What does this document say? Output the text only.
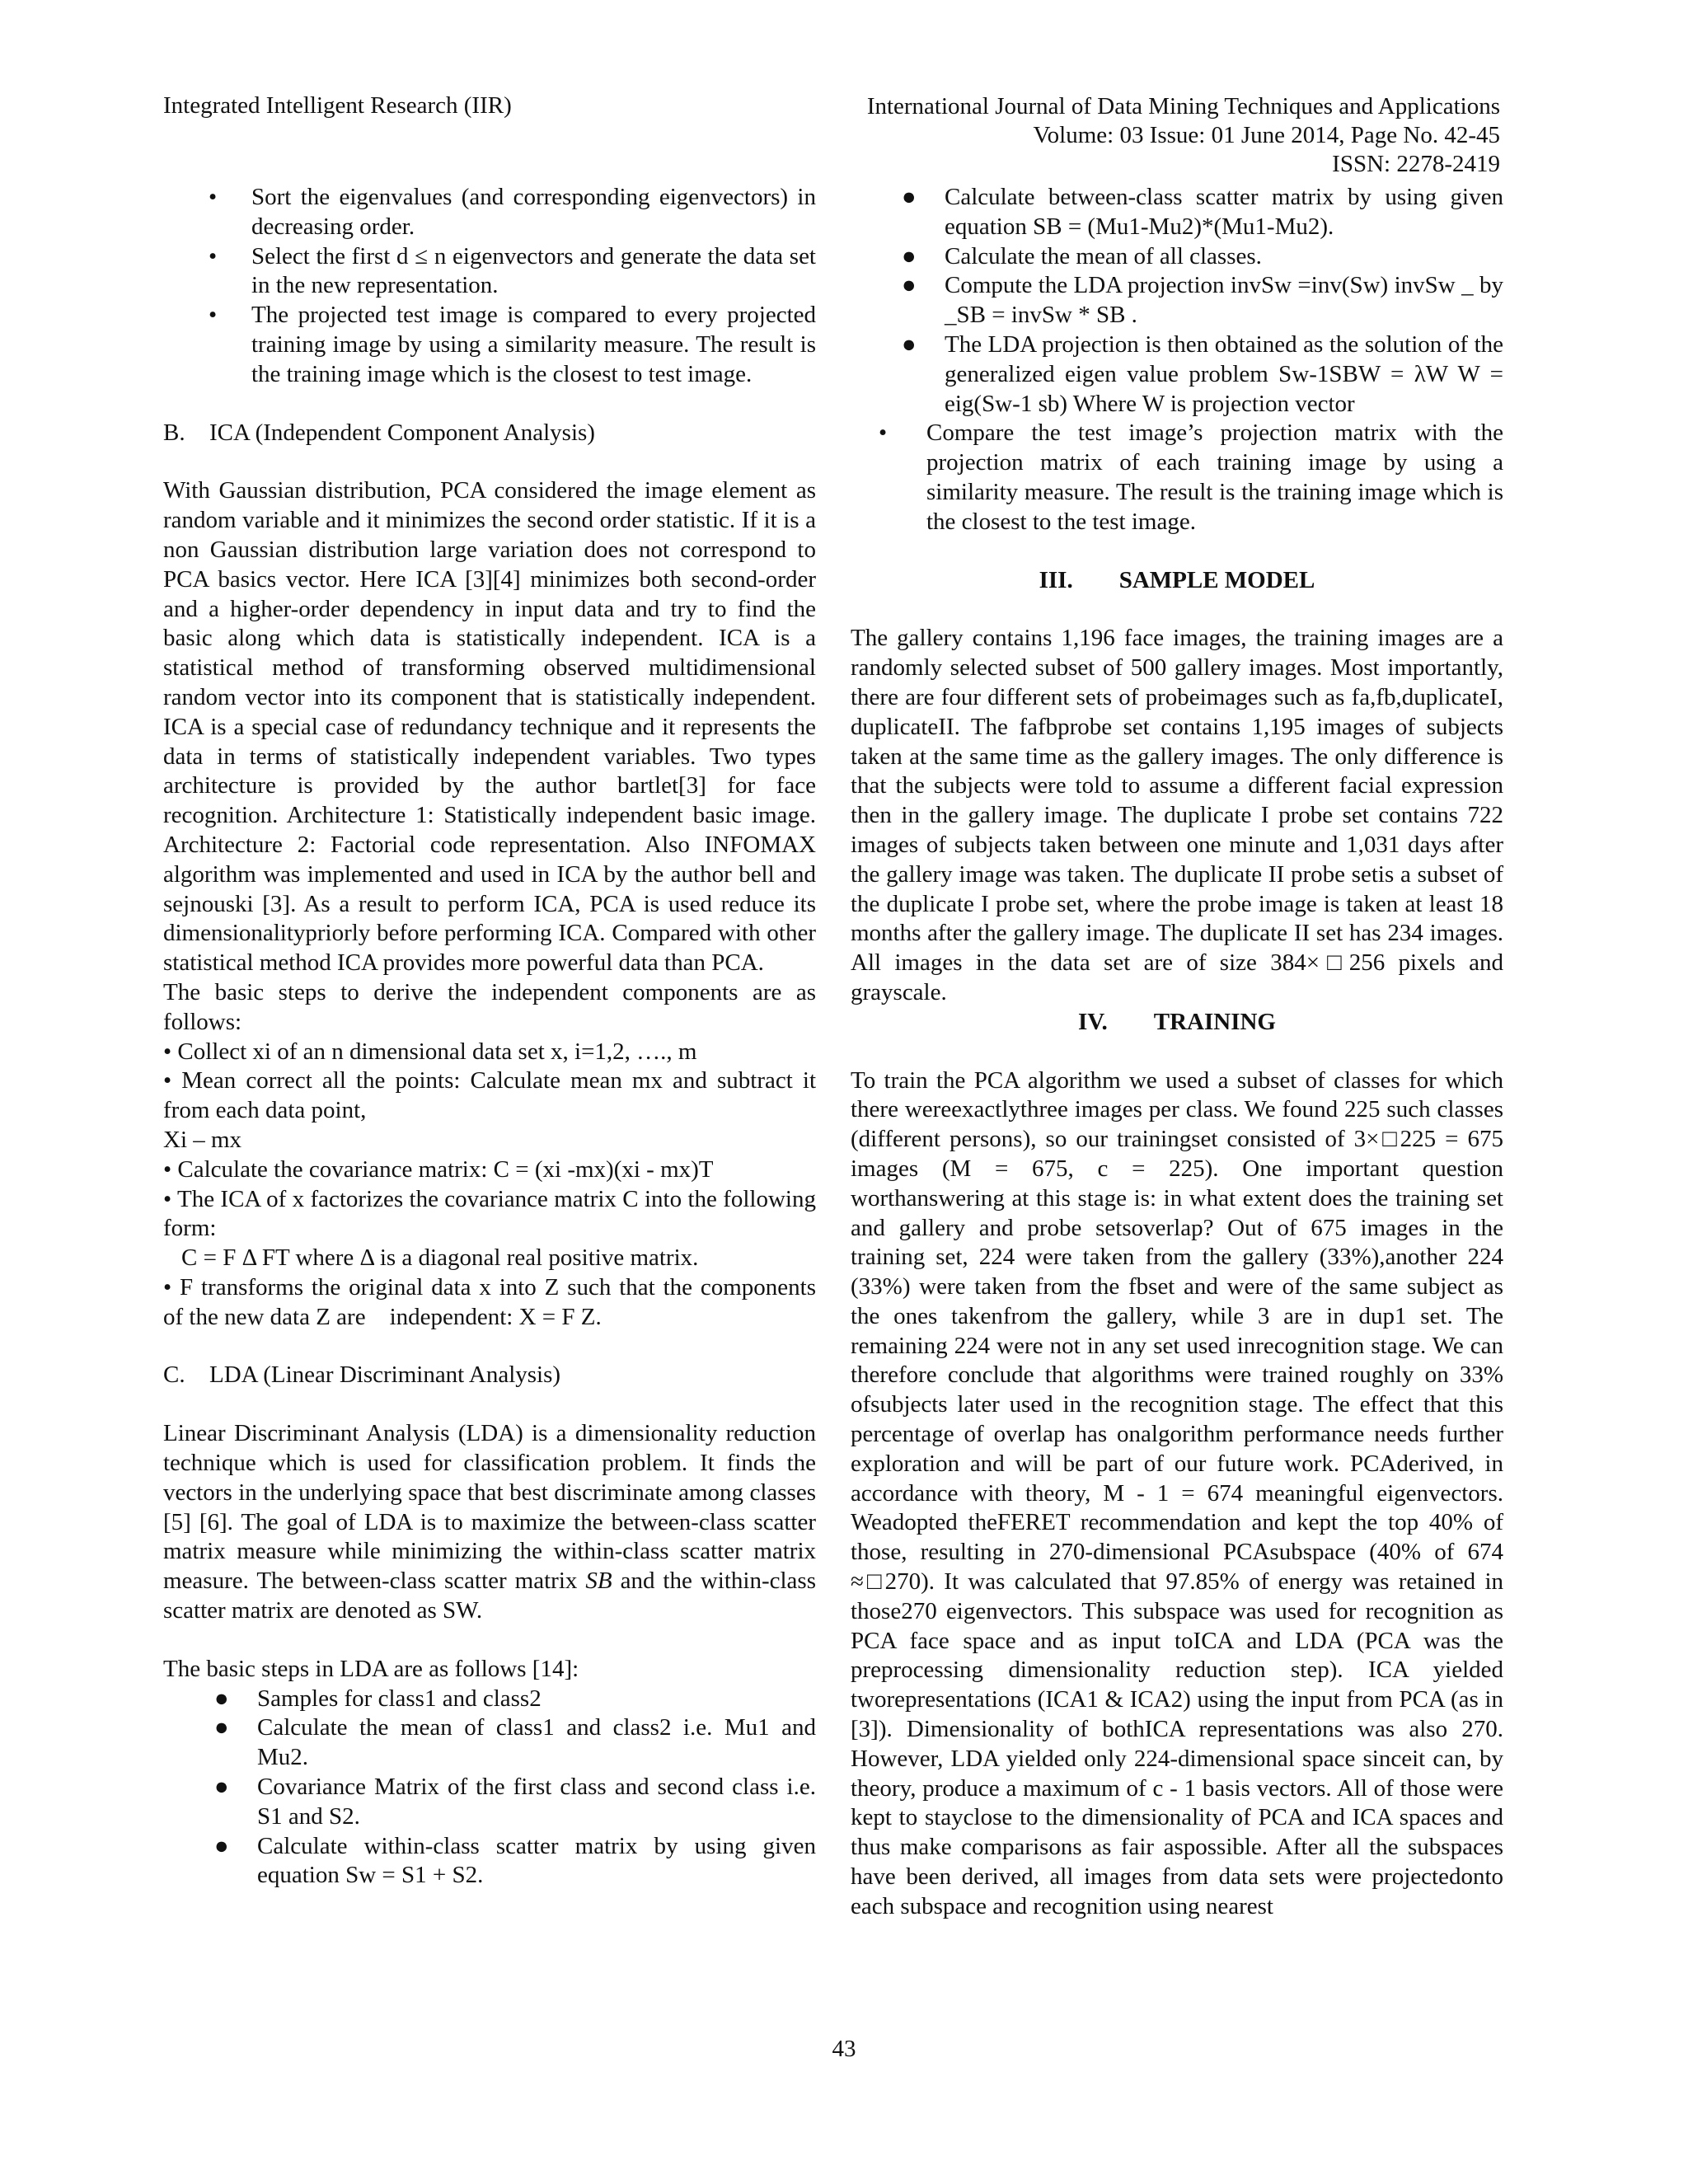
Integrated Intelligent Research (IIR)	International Journal of Data Mining Techniques and Applications
Volume: 03 Issue: 01 June 2014, Page No. 42-45
ISSN: 2278-2419
• Sort the eigenvalues (and corresponding eigenvectors) in decreasing order.
• Select the first d ≤ n eigenvectors and generate the data set in the new representation.
• The projected test image is compared to every projected training image by using a similarity measure. The result is the training image which is the closest to test image.
B. ICA (Independent Component Analysis)

With Gaussian distribution, PCA considered the image element as random variable and it minimizes the second order statistic. If it is a non Gaussian distribution large variation does not correspond to PCA basics vector. Here ICA [3][4] minimizes both second-order and a higher-order dependency in input data and try to find the basic along which data is statistically independent. ICA is a statistical method of transforming observed multidimensional random vector into its component that is statistically independent. ICA is a special case of redundancy technique and it represents the data in terms of statistically independent variables. Two types architecture is provided by the author bartlet[3] for face recognition. Architecture 1: Statistically independent basic image. Architecture 2: Factorial code representation. Also INFOMAX algorithm was implemented and used in ICA by the author bell and sejnouski [3]. As a result to perform ICA, PCA is used reduce its dimensionalitypriorly before performing ICA. Compared with other statistical method ICA provides more powerful data than PCA.

The basic steps to derive the independent components are as follows:

• Collect xi of an n dimensional data set x, i=1,2, …., m

• Mean correct all the points: Calculate mean mx and subtract it from each data point,

Xi – mx

• Calculate the covariance matrix: C = (xi -mx)(xi - mx)T

• The ICA of x factorizes the covariance matrix C into the following form:

C = F Δ FT where Δ is a diagonal real positive matrix.

• F transforms the original data x into Z such that the components of the new data Z are    independent: X = F Z.

C. LDA (Linear Discriminant Analysis)

Linear Discriminant Analysis (LDA) is a dimensionality reduction technique which is used for classification problem. It finds the vectors in the underlying space that best discriminate among classes [5] [6]. The goal of LDA is to maximize the between-class scatter matrix measure while minimizing the within-class scatter matrix measure. The between-class scatter matrix SB and the within-class scatter matrix are denoted as SW.

The basic steps in LDA are as follows [14]:

● Samples for class1 and class2
● Calculate the mean of class1 and class2 i.e. Mu1 and Mu2.
● Covariance Matrix of the first class and second class i.e. S1 and S2.
● Calculate within-class scatter matrix by using given equation Sw = S1 + S2.
● Calculate between-class scatter matrix by using given equation SB = (Mu1-Mu2)*(Mu1-Mu2).
● Calculate the mean of all classes.
● Compute the LDA projection invSw =inv(Sw) invSw _ by _SB = invSw * SB .
● The LDA projection is then obtained as the solution of the generalized eigen value problem Sw-1SBW = λW W = eig(Sw-1 sb) Where W is projection vector
• Compare the test image’s projection matrix with the projection matrix of each training image by using a similarity measure. The result is the training image which is the closest to the test image.
III. SAMPLE MODEL

The gallery contains 1,196 face images, the training images are a randomly selected subset of 500 gallery images. Most importantly, there are four different sets of probeimages such as fa,fb,duplicateI, duplicateII. The fafbprobe set contains 1,195 images of subjects taken at the same time as the gallery images. The only difference is that the subjects were told to assume a different facial expression then in the gallery image. The duplicate I probe set contains 722 images of subjects taken between one minute and 1,031 days after the gallery image was taken. The duplicate II probe setis a subset of the duplicate I probe set, where the probe image is taken at least 18 months after the gallery image. The duplicate II set has 234 images. All images in the data set are of size 384×□256 pixels and grayscale.

IV. TRAINING

To train the PCA algorithm we used a subset of classes for which there wereexactlythree images per class. We found 225 such classes (different persons), so our trainingset consisted of 3×□225 = 675 images (M = 675, c = 225). One important question worthanswering at this stage is: in what extent does the training set and gallery and probe setsoverlap? Out of 675 images in the training set, 224 were taken from the gallery (33%),another 224 (33%) were taken from the fbset and were of the same subject as the ones takenfrom the gallery, while 3 are in dup1 set. The remaining 224 were not in any set used inrecognition stage. We can therefore conclude that algorithms were trained roughly on 33% ofsubjects later used in the recognition stage. The effect that this percentage of overlap has onalgorithm performance needs further exploration and will be part of our future work. PCAderived, in accordance with theory, M - 1 = 674 meaningful eigenvectors. Weadopted theFERET recommendation and kept the top 40% of those, resulting in 270-dimensional PCAsubspace (40% of 674 ≈□270). It was calculated that 97.85% of energy was retained in those270 eigenvectors. This subspace was used for recognition as PCA face space and as input toICA and LDA (PCA was the preprocessing dimensionality reduction step). ICA yielded tworepresentations (ICA1 & ICA2) using the input from PCA (as in [3]). Dimensionality of bothICA representations was also 270. However, LDA yielded only 224-dimensional space sinceit can, by theory, produce a maximum of c - 1 basis vectors. All of those were kept to stayclose to the dimensionality of PCA and ICA spaces and thus make comparisons as fair aspossible. After all the subspaces have been derived, all images from data sets were projectedonto each subspace and recognition using nearest

43
